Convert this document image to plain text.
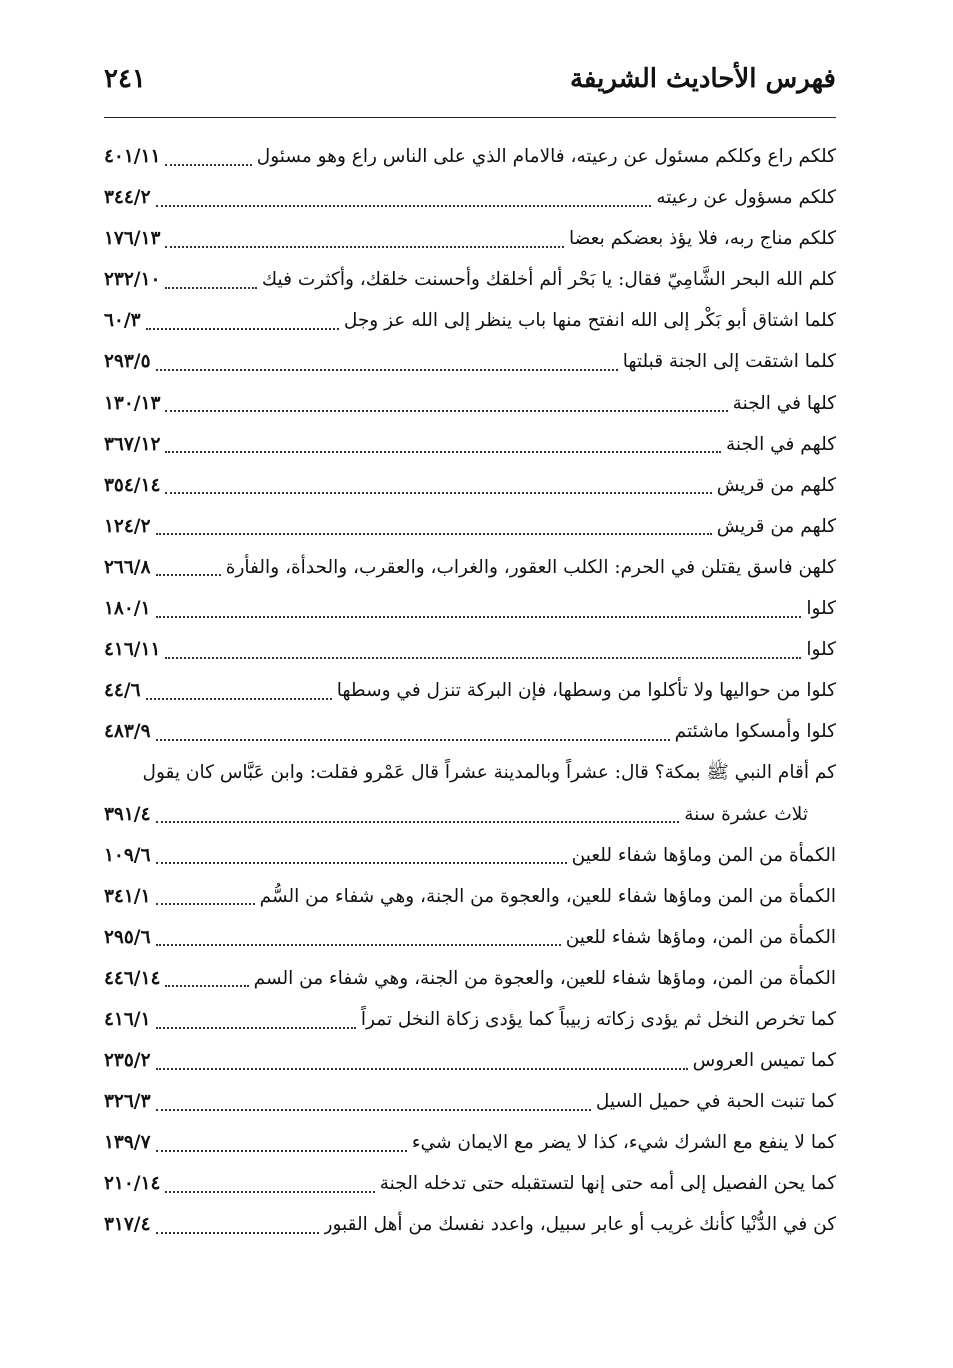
فهرس الأحاديث الشريفة
٢٤١
كلكم راع وكلكم مسئول عن رعيته، فالامام الذي على الناس راع وهو مسئول
٤٠١/١١
كلكم مسؤول عن رعيته
٣٤٤/٢
كلكم مناج ربه، فلا يؤذ بعضكم بعضا
١٧٦/١٣
كلم الله البحر الشَّامِيّ فقال: يا بَحْر ألم أخلقك وأحسنت خلقك، وأكثرت فيك
٢٣٢/١٠
كلما اشتاق أبو بَكْر إلى الله انفتح منها باب ينظر إلى الله عز وجل
٦٠/٣
كلما اشتقت إلى الجنة قبلتها
٢٩٣/٥
كلها في الجنة
١٣٠/١٣
كلهم في الجنة
٣٦٧/١٢
كلهم من قريش
٣٥٤/١٤
كلهم من قريش
١٢٤/٢
كلهن فاسق يقتلن في الحرم: الكلب العقور، والغراب، والعقرب، والحدأة، والفأرة
٢٦٦/٨
كلوا
١٨٠/١
كلوا
٤١٦/١١
كلوا من حواليها ولا تأكلوا من وسطها، فإن البركة تنزل في وسطها
٤٤/٦
كلوا وأمسكوا ماشئتم
٤٨٣/٩
كم أقام النبي ﷺ بمكة؟ قال: عشراً وبالمدينة عشراً قال عَمْرو فقلت: وابن عَبَّاس كان يقول
ثلاث عشرة سنة
٣٩١/٤
الكمأة من المن وماؤها شفاء للعين
١٠٩/٦
الكمأة من المن وماؤها شفاء للعين، والعجوة من الجنة، وهي شفاء من السُّم
٣٤١/١
الكمأة من المن، وماؤها شفاء للعين
٢٩٥/٦
الكمأة من المن، وماؤها شفاء للعين، والعجوة من الجنة، وهي شفاء من السم
٤٤٦/١٤
كما تخرص النخل ثم يؤدى زكاته زبيباً كما يؤدى زكاة النخل تمراً
٤١٦/١
كما تميس العروس
٢٣٥/٢
كما تنبت الحبة في حميل السيل
٣٢٦/٣
كما لا ينفع مع الشرك شيء، كذا لا يضر مع الايمان شيء
١٣٩/٧
كما يحن الفصيل إلى أمه حتى إنها لتستقبله حتى تدخله الجنة
٢١٠/١٤
كن في الدُّنْيا كأنك غريب أو عابر سبيل، واعدد نفسك من أهل القبور
٣١٧/٤
